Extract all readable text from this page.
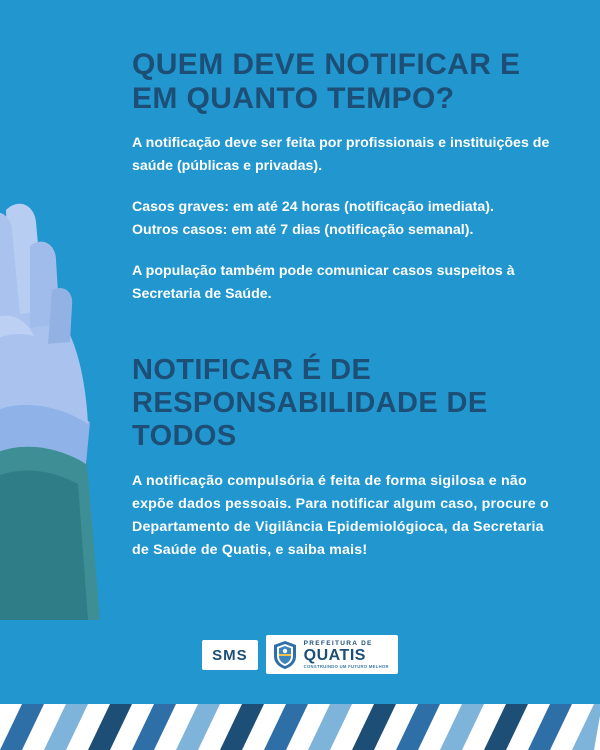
QUEM DEVE NOTIFICAR E EM QUANTO TEMPO?

A notificação deve ser feita por profissionais e instituições de saúde (públicas e privadas).

Casos graves: em até 24 horas (notificação imediata).

Outros casos: em até 7 dias (notificação semanal).

A população também pode comunicar casos suspeitos à Secretaria de Saúde.

NOTIFICAR É DE RESPONSABILIDADE DE TODOS

A notificação compulsória é feita de forma sigilosa e não expõe dados pessoais. Para notificar algum caso, procure o Departamento de Vigilância Epidemiológioca, da Secretaria de Saúde de Quatis, e saiba mais!

SMS
PREFEITURA DE
QUATIS
CONSTRUINDO UM FUTURO MELHOR
